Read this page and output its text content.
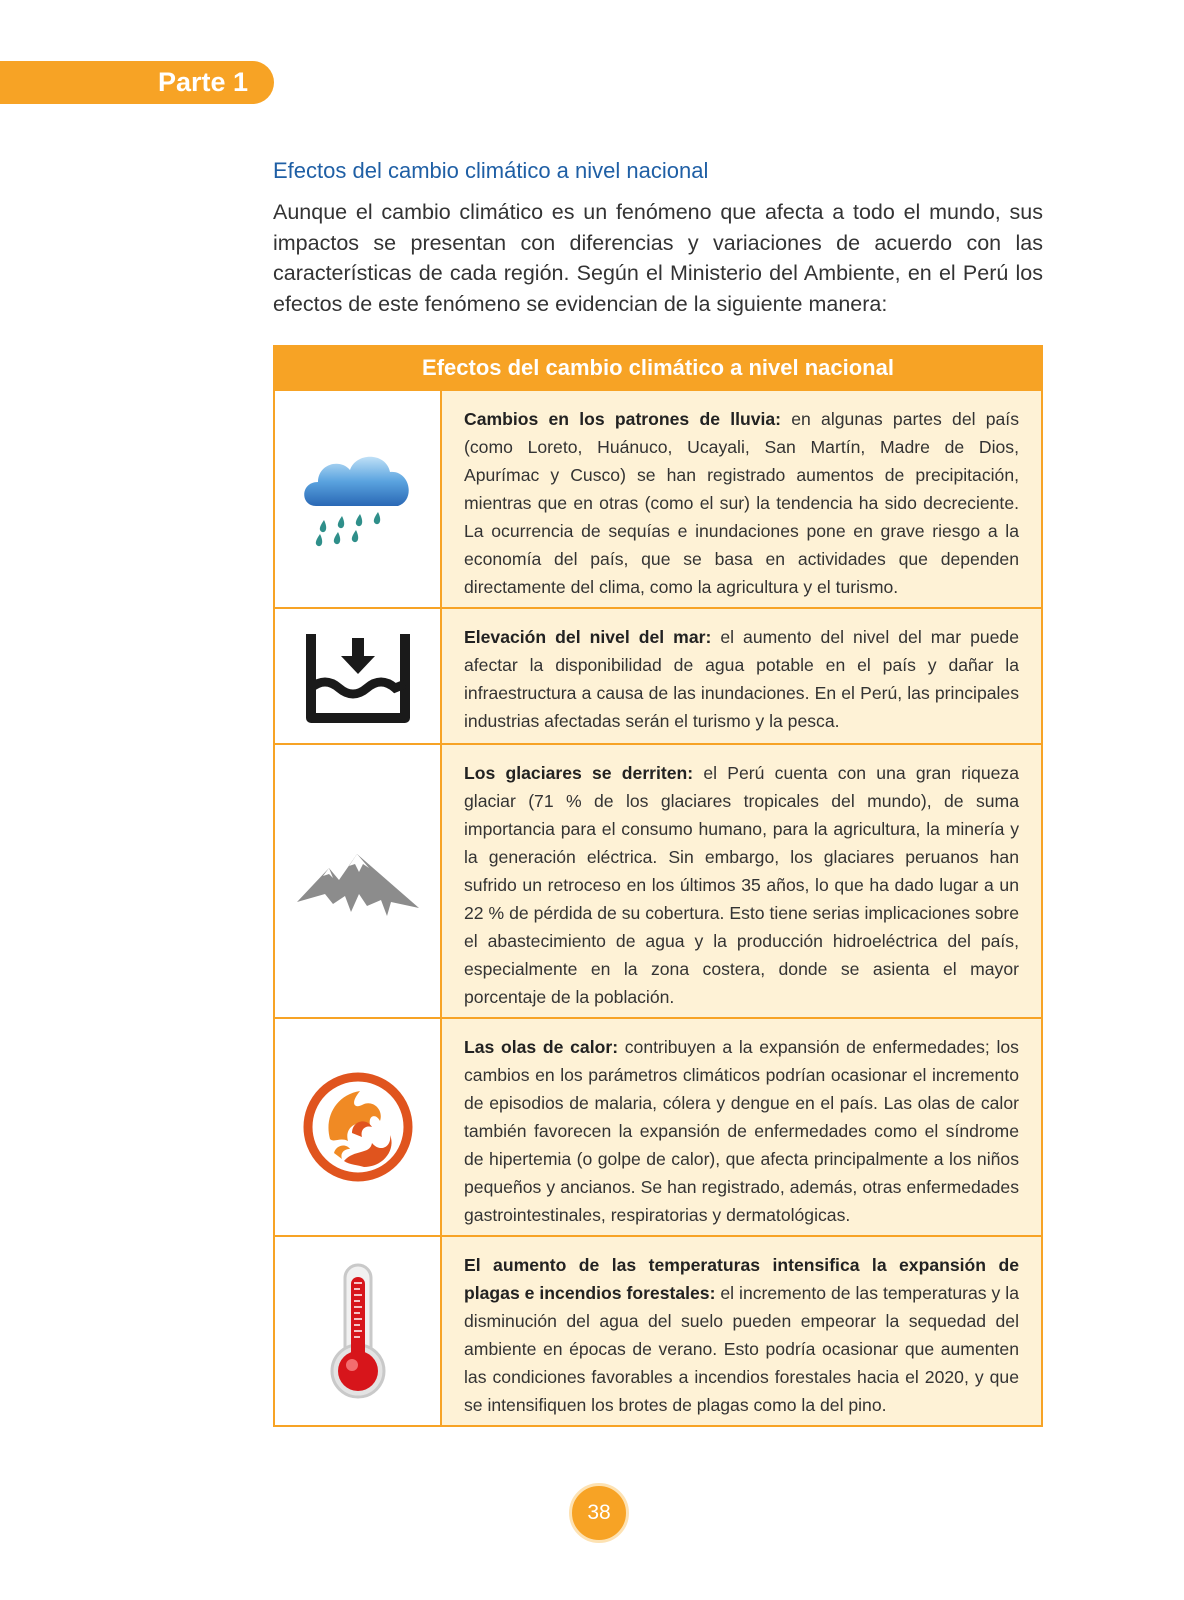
Parte 1
Efectos del cambio climático a nivel nacional

Aunque el cambio climático es un fenómeno que afecta a todo el mundo, sus impactos se presentan con diferencias y variaciones de acuerdo con las características de cada región. Según el Ministerio del Ambiente, en el Perú los efectos de este fenómeno se evidencian de la siguiente manera:

Efectos del cambio climático a nivel nacional
Cambios en los patrones de lluvia: en algunas partes del país (como Loreto, Huánuco, Ucayali, San Martín, Madre de Dios, Apurímac y Cusco) se han registrado aumentos de precipitación, mientras que en otras (como el sur) la tendencia ha sido decreciente. La ocurrencia de sequías e inundaciones pone en grave riesgo a la economía del país, que se basa en actividades que dependen directamente del clima, como la agricultura y el turismo.
Elevación del nivel del mar: el aumento del nivel del mar puede afectar la disponibilidad de agua potable en el país y dañar la infraestructura a causa de las inundaciones. En el Perú, las principales industrias afectadas serán el turismo y la pesca.
Los glaciares se derriten: el Perú cuenta con una gran riqueza glaciar (71 % de los glaciares tropicales del mundo), de suma importancia para el consumo humano, para la agricultura, la minería y la generación eléctrica. Sin embargo, los glaciares peruanos han sufrido un retroceso en los últimos 35 años, lo que ha dado lugar a un 22 % de pérdida de su cobertura. Esto tiene serias implicaciones sobre el abastecimiento de agua y la producción hidroeléctrica del país, especialmente en la zona costera, donde se asienta el mayor porcentaje de la población.
Las olas de calor: contribuyen a la expansión de enfermedades; los cambios en los parámetros climáticos podrían ocasionar el incremento de episodios de malaria, cólera y dengue en el país. Las olas de calor también favorecen la expansión de enfermedades como el síndrome de hipertemia (o golpe de calor), que afecta principalmente a los niños pequeños y ancianos. Se han registrado, además, otras enfermedades gastrointestinales, respiratorias y dermatológicas.
El aumento de las temperaturas intensifica la expansión de plagas e incendios forestales: el incremento de las temperaturas y la disminución del agua del suelo pueden empeorar la sequedad del ambiente en épocas de verano. Esto podría ocasionar que aumenten las condiciones favorables a incendios forestales hacia el 2020, y que se intensifiquen los brotes de plagas como la del pino.
38
